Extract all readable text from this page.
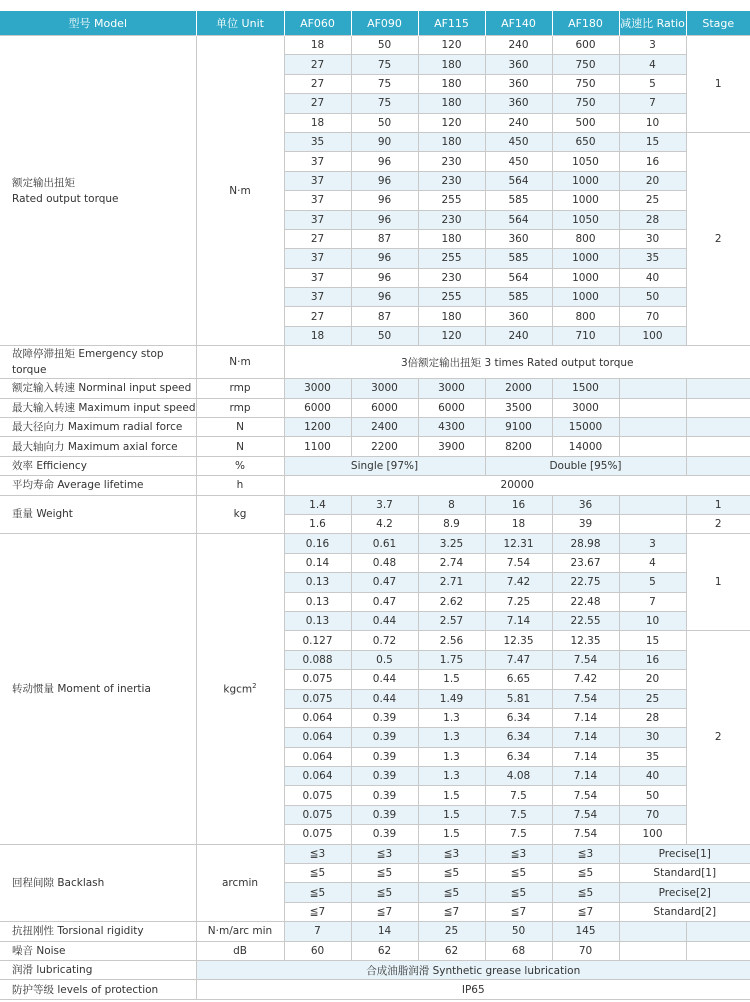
型号 Model	单位 Unit	AF060	AF090	AF115	AF140	AF180	减速比 Ratio	Stage
额定输出扭矩
Rated output torque	N·m	18	50	120	240	600	3	1
		27	75	180	360	750	4	
		27	75	180	360	750	5	
		27	75	180	360	750	7	
		18	50	120	240	500	10	
		35	90	180	450	650	15	2
		37	96	230	450	1050	16	
		37	96	230	564	1000	20	
		37	96	255	585	1000	25	
		37	96	230	564	1050	28	
		27	87	180	360	800	30	
		37	96	255	585	1000	35	
		37	96	230	564	1000	40	
		37	96	255	585	1000	50	
		27	87	180	360	800	70	
		18	50	120	240	710	100	
故障停滞扭矩 Emergency stop torque	N·m	3倍额定输出扭矩 3 times Rated output torque						
额定输入转速 Norminal input speed	rmp	3000	3000	3000	2000	1500		
最大输入转速 Maximum input speed	rmp	6000	6000	6000	3500	3000		
最大径向力 Maximum radial force	N	1200	2400	4300	9100	15000		
最大轴向力 Maximum axial force	N	1100	2200	3900	8200	14000		
效率 Efficiency	%	Single [97%]			Double [95%]			
平均寿命 Average lifetime	h	20000						
重量 Weight	kg	1.4	3.7	8	16	36		1
		1.6	4.2	8.9	18	39		2
转动惯量 Moment of inertia	kgcm$^2$	0.16	0.61	3.25	12.31	28.98	3	1
		0.14	0.48	2.74	7.54	23.67	4	
		0.13	0.47	2.71	7.42	22.75	5	
		0.13	0.47	2.62	7.25	22.48	7	
		0.13	0.44	2.57	7.14	22.55	10	
		0.127	0.72	2.56	12.35	12.35	15	2
		0.088	0.5	1.75	7.47	7.54	16	
		0.075	0.44	1.5	6.65	7.42	20	
		0.075	0.44	1.49	5.81	7.54	25	
		0.064	0.39	1.3	6.34	7.14	28	
		0.064	0.39	1.3	6.34	7.14	30	
		0.064	0.39	1.3	6.34	7.14	35	
		0.064	0.39	1.3	4.08	7.14	40	
		0.075	0.39	1.5	7.5	7.54	50	
		0.075	0.39	1.5	7.5	7.54	70	
		0.075	0.39	1.5	7.5	7.54	100	
回程间隙 Backlash	arcmin	≦3	≦3	≦3	≦3	≦3	Precise[1]	
		≦5	≦5	≦5	≦5	≦5	Standard[1]	
		≦5	≦5	≦5	≦5	≦5	Precise[2]	
		≦7	≦7	≦7	≦7	≦7	Standard[2]	
抗扭刚性 Torsional rigidity	N·m/arc min	7	14	25	50	145		
噪音 Noise	dB	60	62	62	68	70		
润滑 lubricating	合成油脂润滑 Synthetic grease lubrication							
防护等级 levels of protection	IP65							
